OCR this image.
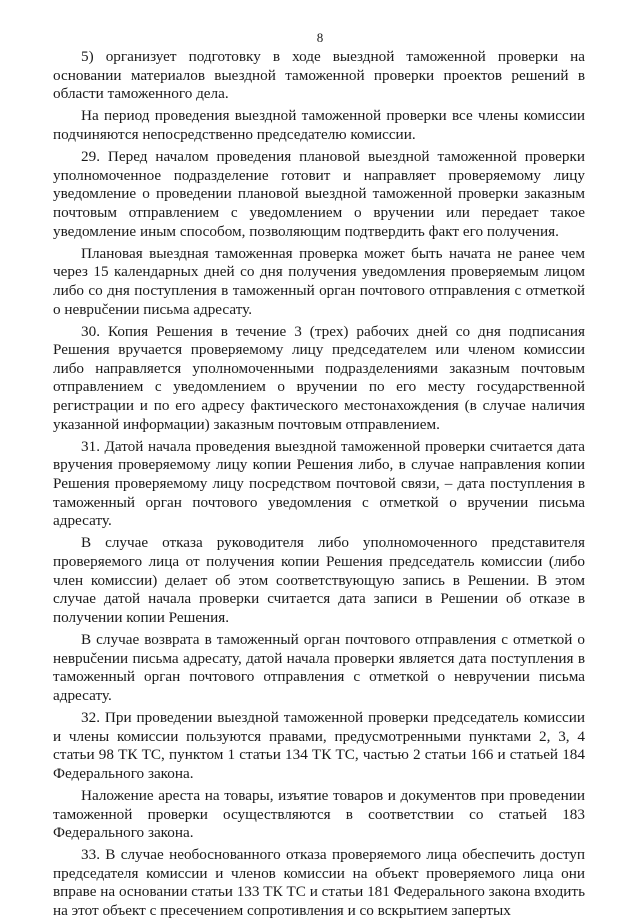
8

5) организует подготовку в ходе выездной таможенной проверки на основании материалов выездной таможенной проверки проектов решений в области таможенного дела.

На период проведения выездной таможенной проверки все члены комиссии подчиняются непосредственно председателю комиссии.

29. Перед началом проведения плановой выездной таможенной проверки уполномоченное подразделение готовит и направляет проверяемому лицу уведомление о проведении плановой выездной таможенной проверки заказным почтовым отправлением с уведомлением о вручении или передает такое уведомление иным способом, позволяющим подтвердить факт его получения.

Плановая выездная таможенная проверка может быть начата не ранее чем через 15 календарных дней со дня получения уведомления проверяемым лицом либо со дня поступления в таможенный орган почтового отправления с отметкой о неврučении письма адресату.

30. Копия Решения в течение 3 (трех) рабочих дней со дня подписания Решения вручается проверяемому лицу председателем или членом комиссии либо направляется уполномоченными подразделениями заказным почтовым отправлением с уведомлением о вручении по его месту государственной регистрации и по его адресу фактического местонахождения (в случае наличия указанной информации) заказным почтовым отправлением.

31. Датой начала проведения выездной таможенной проверки считается дата вручения проверяемому лицу копии Решения либо, в случае направления копии Решения проверяемому лицу посредством почтовой связи, – дата поступления в таможенный орган почтового уведомления с отметкой о вручении письма адресату.

В случае отказа руководителя либо уполномоченного представителя проверяемого лица от получения копии Решения председатель комиссии (либо член комиссии) делает об этом соответствующую запись в Решении. В этом случае датой начала проверки считается дата записи в Решении об отказе в получении копии Решения.

В случае возврата в таможенный орган почтового отправления с отметкой о неврučении письма адресату, датой начала проверки является дата поступления в таможенный орган почтового отправления с отметкой о невручении письма адресату.

32. При проведении выездной таможенной проверки председатель комиссии и члены комиссии пользуются правами, предусмотренными пунктами 2, 3, 4 статьи 98 ТК ТС, пунктом 1 статьи 134 ТК ТС, частью 2 статьи 166 и статьей 184 Федерального закона.

Наложение ареста на товары, изъятие товаров и документов при проведении таможенной проверки осуществляются в соответствии со статьей 183 Федерального закона.

33. В случае необоснованного отказа проверяемого лица обеспечить доступ председателя комиссии и членов комиссии на объект проверяемого лица они вправе на основании статьи 133 ТК ТС и статьи 181 Федерального закона входить на этот объект с пресечением сопротивления и со вскрытием запертых
